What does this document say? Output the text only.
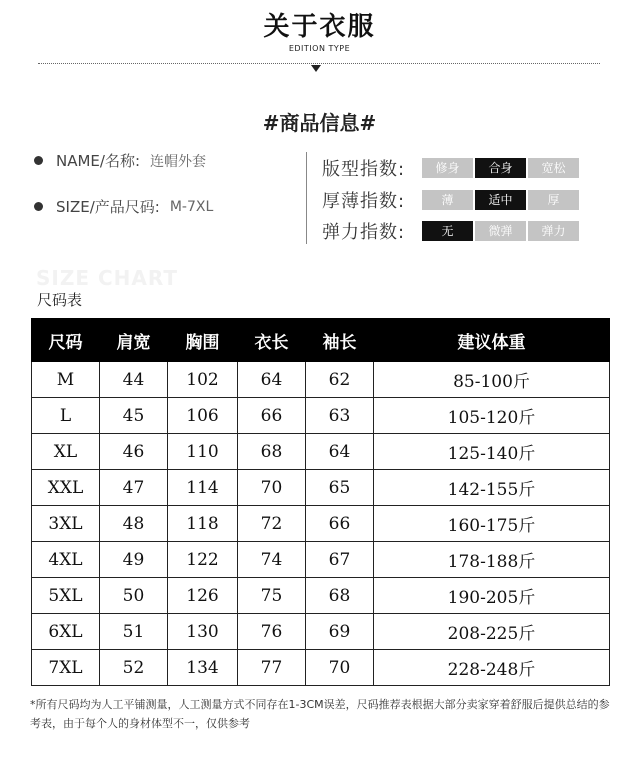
关于衣服
EDITION TYPE
#商品信息#
NAME/名称: 连帽外套
SIZE/产品尺码: M-7XL
版型指数:	修身	合身	宽松
厚薄指数:	薄	适中	厚
弹力指数:	无	微弹	弹力
SIZE CHART
尺码表
尺码	肩宽	胸围	衣长	袖长	建议体重
M	44	102	64	62	85-100斤
L	45	106	66	63	105-120斤
XL	46	110	68	64	125-140斤
XXL	47	114	70	65	142-155斤
3XL	48	118	72	66	160-175斤
4XL	49	122	74	67	178-188斤
5XL	50	126	75	68	190-205斤
6XL	51	130	76	69	208-225斤
7XL	52	134	77	70	228-248斤
*所有尺码均为人工平铺测量，人工测量方式不同存在1-3CM误差，尺码推荐表根据大部分卖家穿着舒服后提供总结的参考表，由于每个人的身材体型不一，仅供参考
